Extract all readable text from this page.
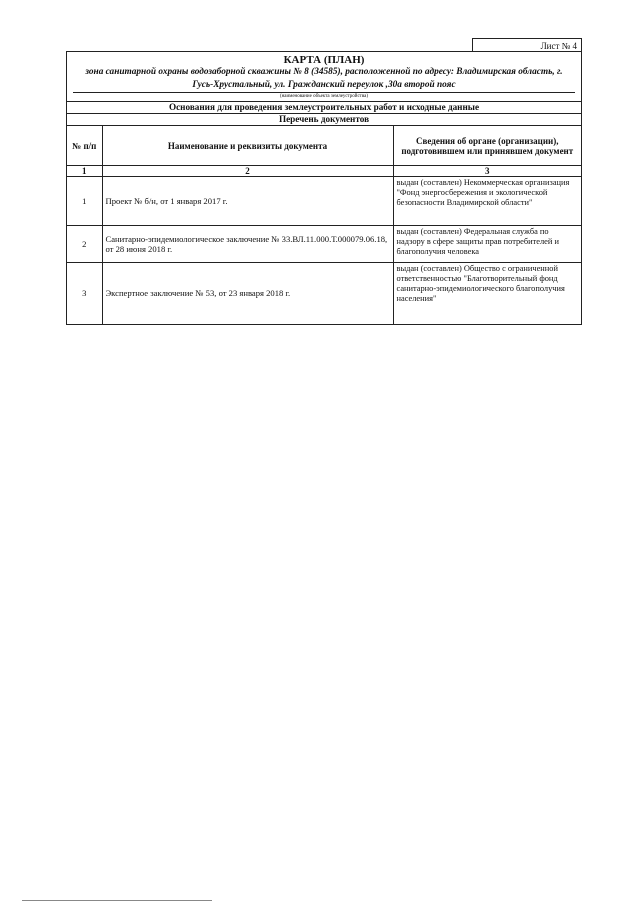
Лист № 4
КАРТА (ПЛАН)
зона санитарной охраны водозаборной скважины № 8 (34585), расположенной по адресу: Владимирская область, г. Гусь-Хрустальный, ул. Гражданский переулок ,30а второй пояс
(наименование объекта землеустройства)
Основания для проведения землеустроительных работ и исходные данные
Перечень документов
№ п/п	Наименование и реквизиты документа	Сведения об органе (организации), подготовившем или принявшем документ
1	2	3
1	Проект № б/н, от 1 января 2017 г.	выдан (составлен) Некоммерческая организация "Фонд энергосбережения и экологической безопасности Владимирской области"
2	Санитарно-эпидемиологическое заключение № 33.ВЛ.11.000.Т.000079.06.18, от 28 июня 2018 г.	выдан (составлен) Федеральная служба по надзору в сфере защиты прав потребителей и благополучия человека
3	Экспертное заключение № 53, от 23 января 2018 г.	выдан (составлен) Общество с ограниченной ответственностью "Благотворительный фонд санитарно-эпидемиологического благополучия населения"
